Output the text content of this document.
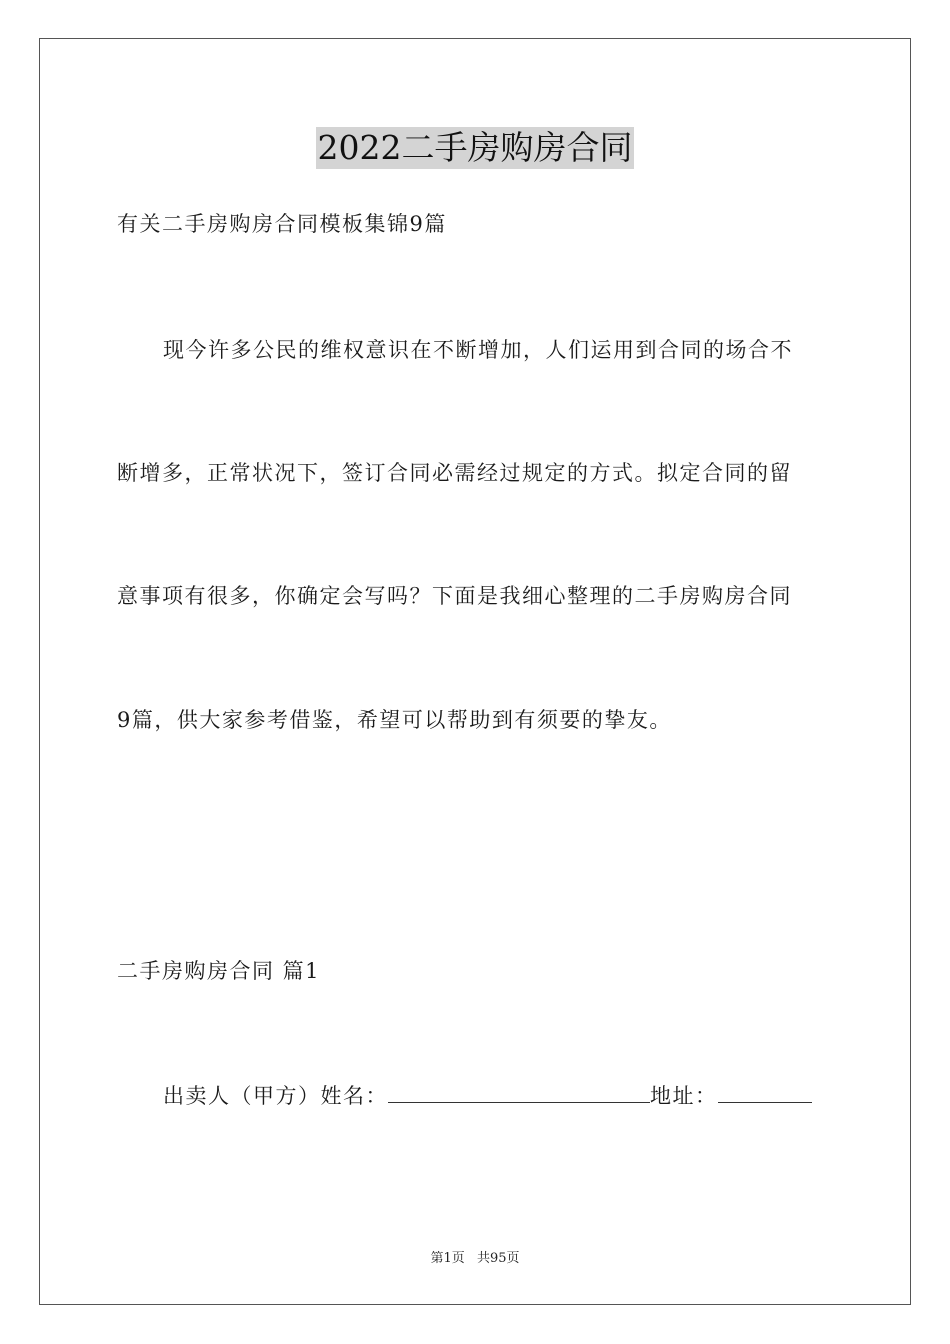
2022二手房购房合同
有关二手房购房合同模板集锦9篇
现今许多公民的维权意识在不断增加，人们运用到合同的场合不
断增多，正常状况下，签订合同必需经过规定的方式。拟定合同的留
意事项有很多，你确定会写吗？下面是我细心整理的二手房购房合同
9篇，供大家参考借鉴，希望可以帮助到有须要的挚友。
二手房购房合同 篇1
出卖人（甲方）姓名：	地址：
第1页 共95页
